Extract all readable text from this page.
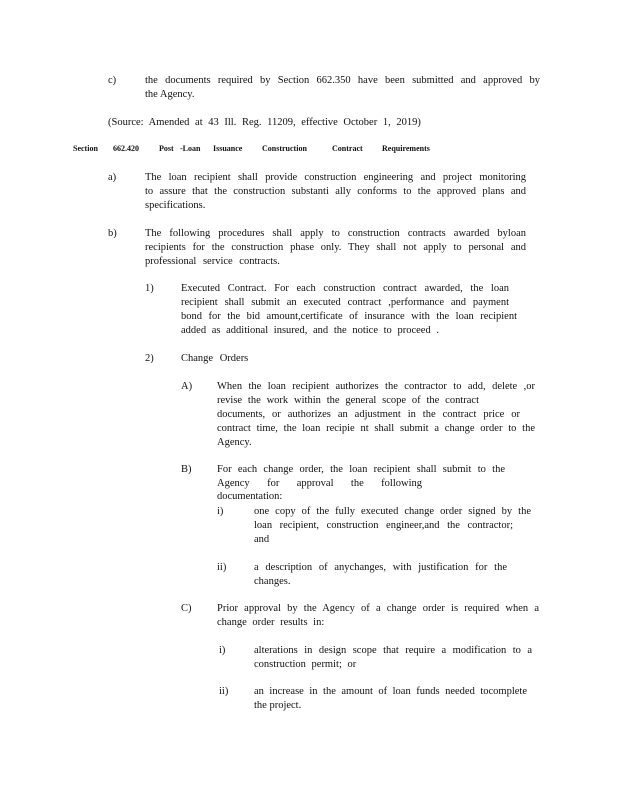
c)	the documents required by Section 662.350 have been submitted and approved by
the Agency.
(Source: Amended at 43 Ill. Reg. 11209, effective October 1, 2019)
Section 662.420	Post -Loan Issuance Construction	Contract Requirements
a)	The loan recipient shall provide construction engineering and project monitoring
to assure that the construction substanti ally conforms to the approved plans and
specifications.
b)	The following procedures shall apply to construction contracts awarded byloan
recipients for the construction phase only. They shall not apply to personal and
professional service contracts.
1)	Executed Contract. For each construction contract awarded, the loan
recipient shall submit an executed contract ,performance and payment
bond for the bid amount,certificate of insurance with the loan recipient
added as additional insured, and the notice to proceed .
2)	Change Orders
A) When the loan recipient authorizes the contractor to add, delete ,or
revise the work within the general scope of the contract
documents, or authorizes an adjustment in the contract price or
contract time, the loan recipie nt shall submit a change order to the
Agency.
B) For each change order, the loan recipient shall submit to the
Agency for approval the following documentation:
i)	one copy of the fully executed change order signed by the
loan recipient, construction engineer,and the contractor;
and
ii)	a description of anychanges, with justification for the
changes.
C) Prior approval by the Agency of a change order is required when a
change order results in:
i)	alterations in design scope that require a modification to a
construction permit; or
ii) an increase in the amount of loan funds needed tocomplete
the project.
